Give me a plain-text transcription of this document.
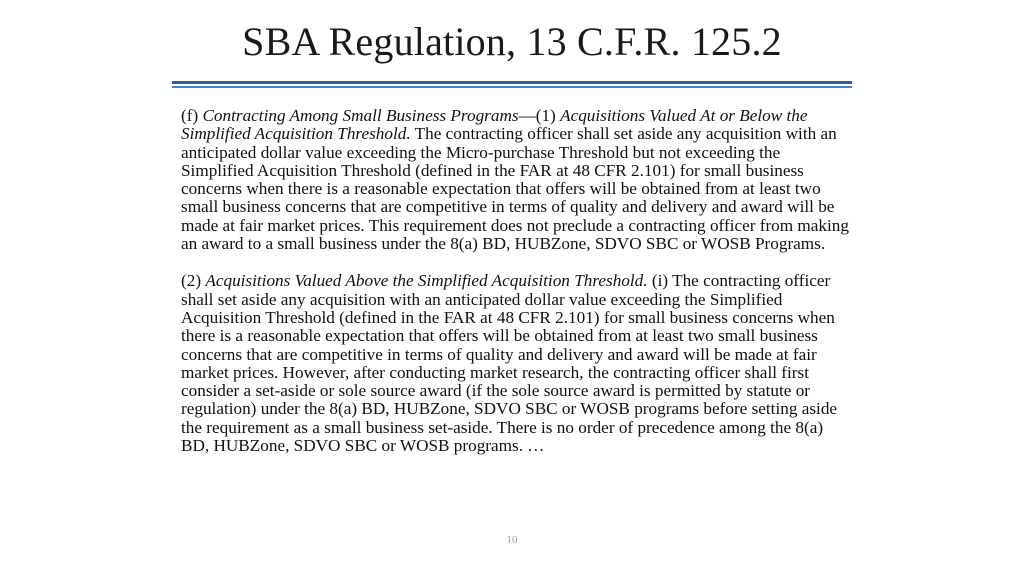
SBA Regulation, 13 C.F.R. 125.2

(f) Contracting Among Small Business Programs—(1) Acquisitions Valued At or Below the Simplified Acquisition Threshold. The contracting officer shall set aside any acquisition with an anticipated dollar value exceeding the Micro-purchase Threshold but not exceeding the Simplified Acquisition Threshold (defined in the FAR at 48 CFR 2.101) for small business concerns when there is a reasonable expectation that offers will be obtained from at least two small business concerns that are competitive in terms of quality and delivery and award will be made at fair market prices. This requirement does not preclude a contracting officer from making an award to a small business under the 8(a) BD, HUBZone, SDVO SBC or WOSB Programs.

(2) Acquisitions Valued Above the Simplified Acquisition Threshold. (i) The contracting officer shall set aside any acquisition with an anticipated dollar value exceeding the Simplified Acquisition Threshold (defined in the FAR at 48 CFR 2.101) for small business concerns when there is a reasonable expectation that offers will be obtained from at least two small business concerns that are competitive in terms of quality and delivery and award will be made at fair market prices. However, after conducting market research, the contracting officer shall first consider a set-aside or sole source award (if the sole source award is permitted by statute or regulation) under the 8(a) BD, HUBZone, SDVO SBC or WOSB programs before setting aside the requirement as a small business set-aside. There is no order of precedence among the 8(a) BD, HUBZone, SDVO SBC or WOSB programs. …

10
